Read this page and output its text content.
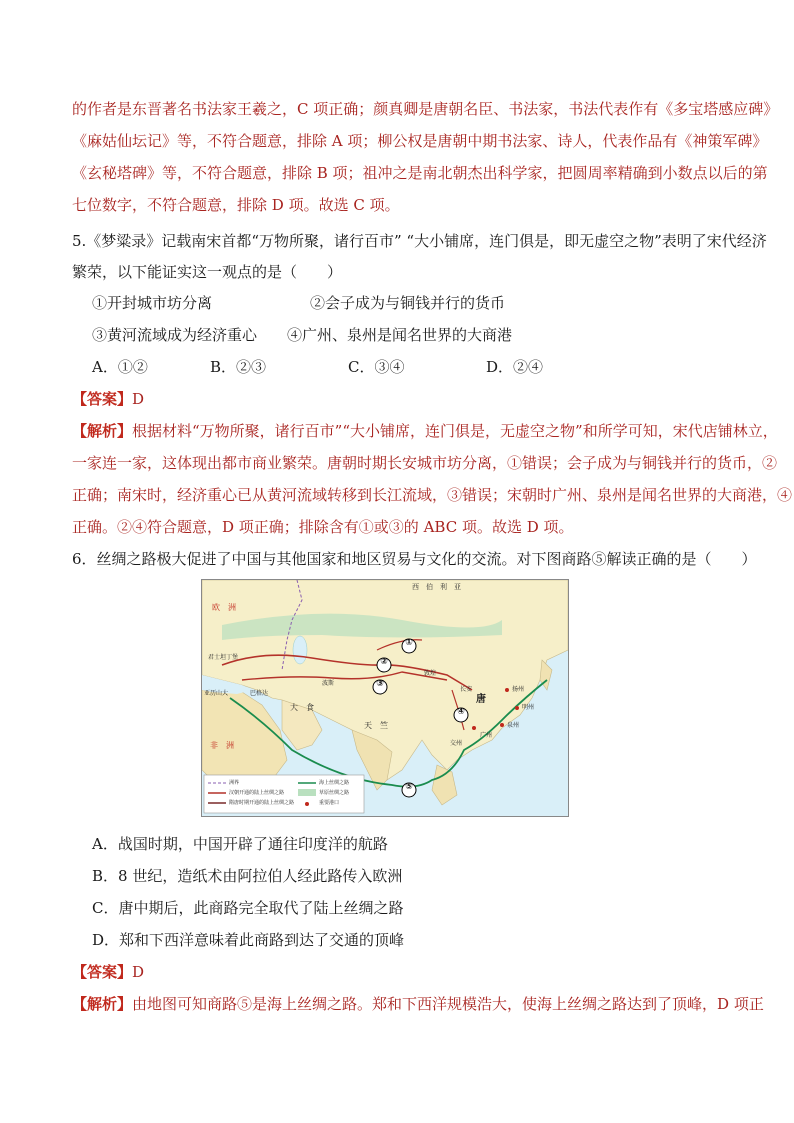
的作者是东晋著名书法家王羲之，C 项正确；颜真卿是唐朝名臣、书法家，书法代表作有《多宝塔感应碑》
《麻姑仙坛记》等，不符合题意，排除 A 项；柳公权是唐朝中期书法家、诗人，代表作品有《神策军碑》
《玄秘塔碑》等，不符合题意，排除 B 项；祖冲之是南北朝杰出科学家，把圆周率精确到小数点以后的第
七位数字，不符合题意，排除 D 项。故选 C 项。
5.《梦粱录》记载南宋首都“万物所聚，诸行百市” “大小铺席，连门俱是，即无虚空之物”表明了宋代经济
繁荣，以下能证实这一观点的是（　　）
①开封城市坊分离	②会子成为与铜钱并行的货币
③黄河流域成为经济重心 ④广州、泉州是闻名世界的大商港
A．①②	B．②③	C．③④	D．②④
【答案】D
【解析】根据材料“万物所聚，诸行百市”“大小铺席，连门俱是，无虚空之物”和所学可知，宋代店铺林立，
一家连一家，这体现出都市商业繁荣。唐朝时期长安城市坊分离，①错误；会子成为与铜钱并行的货币，②
正确；南宋时，经济重心已从黄河流域转移到长江流域，③错误；宋朝时广州、泉州是闻名世界的大商港，④
正确。②④符合题意，D 项正确；排除含有①或③的 ABC 项。故选 D 项。
6．丝绸之路极大促进了中国与其他国家和地区贸易与文化的交流。对下图商路⑤解读正确的是（　　）
西　伯　利　亚
欧　洲
非　洲
君士坦丁堡
亚历山大	巴格达
大　食
波斯
天　竺
唐
长安
敦煌
广州
交州
扬州
明州
泉州
①
②
③
④
⑤
洲界
汉朝开通的陆上丝绸之路
隋唐时期开通的陆上丝绸之路
海上丝绸之路
草原丝绸之路
重要港口
A．战国时期，中国开辟了通往印度洋的航路
B．8 世纪，造纸术由阿拉伯人经此路传入欧洲
C．唐中期后，此商路完全取代了陆上丝绸之路
D．郑和下西洋意味着此商路到达了交通的顶峰
【答案】D
【解析】由地图可知商路⑤是海上丝绸之路。郑和下西洋规模浩大，使海上丝绸之路达到了顶峰，D 项正
